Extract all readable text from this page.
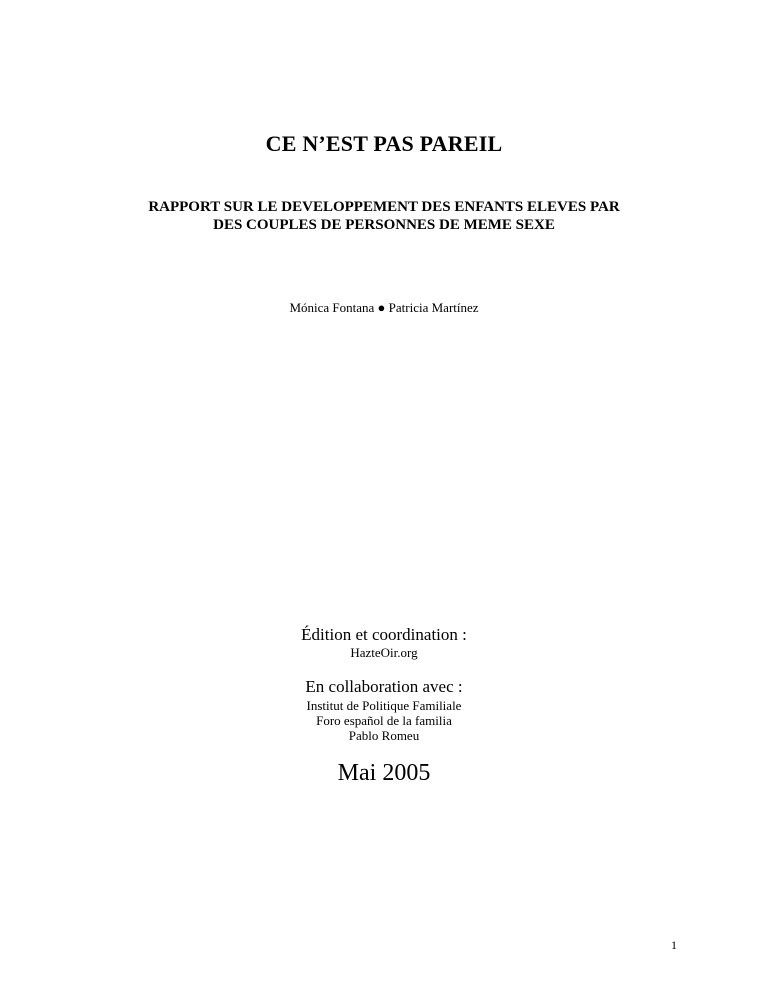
CE N’EST PAS PAREIL
RAPPORT SUR LE DEVELOPPEMENT DES ENFANTS ELEVES PAR
DES COUPLES DE PERSONNES DE MEME SEXE
Mónica Fontana ● Patricia Martínez
Édition et coordination :
HazteOir.org
En collaboration avec :
Institut de Politique Familiale
Foro español de la familia
Pablo Romeu
Mai 2005
1
